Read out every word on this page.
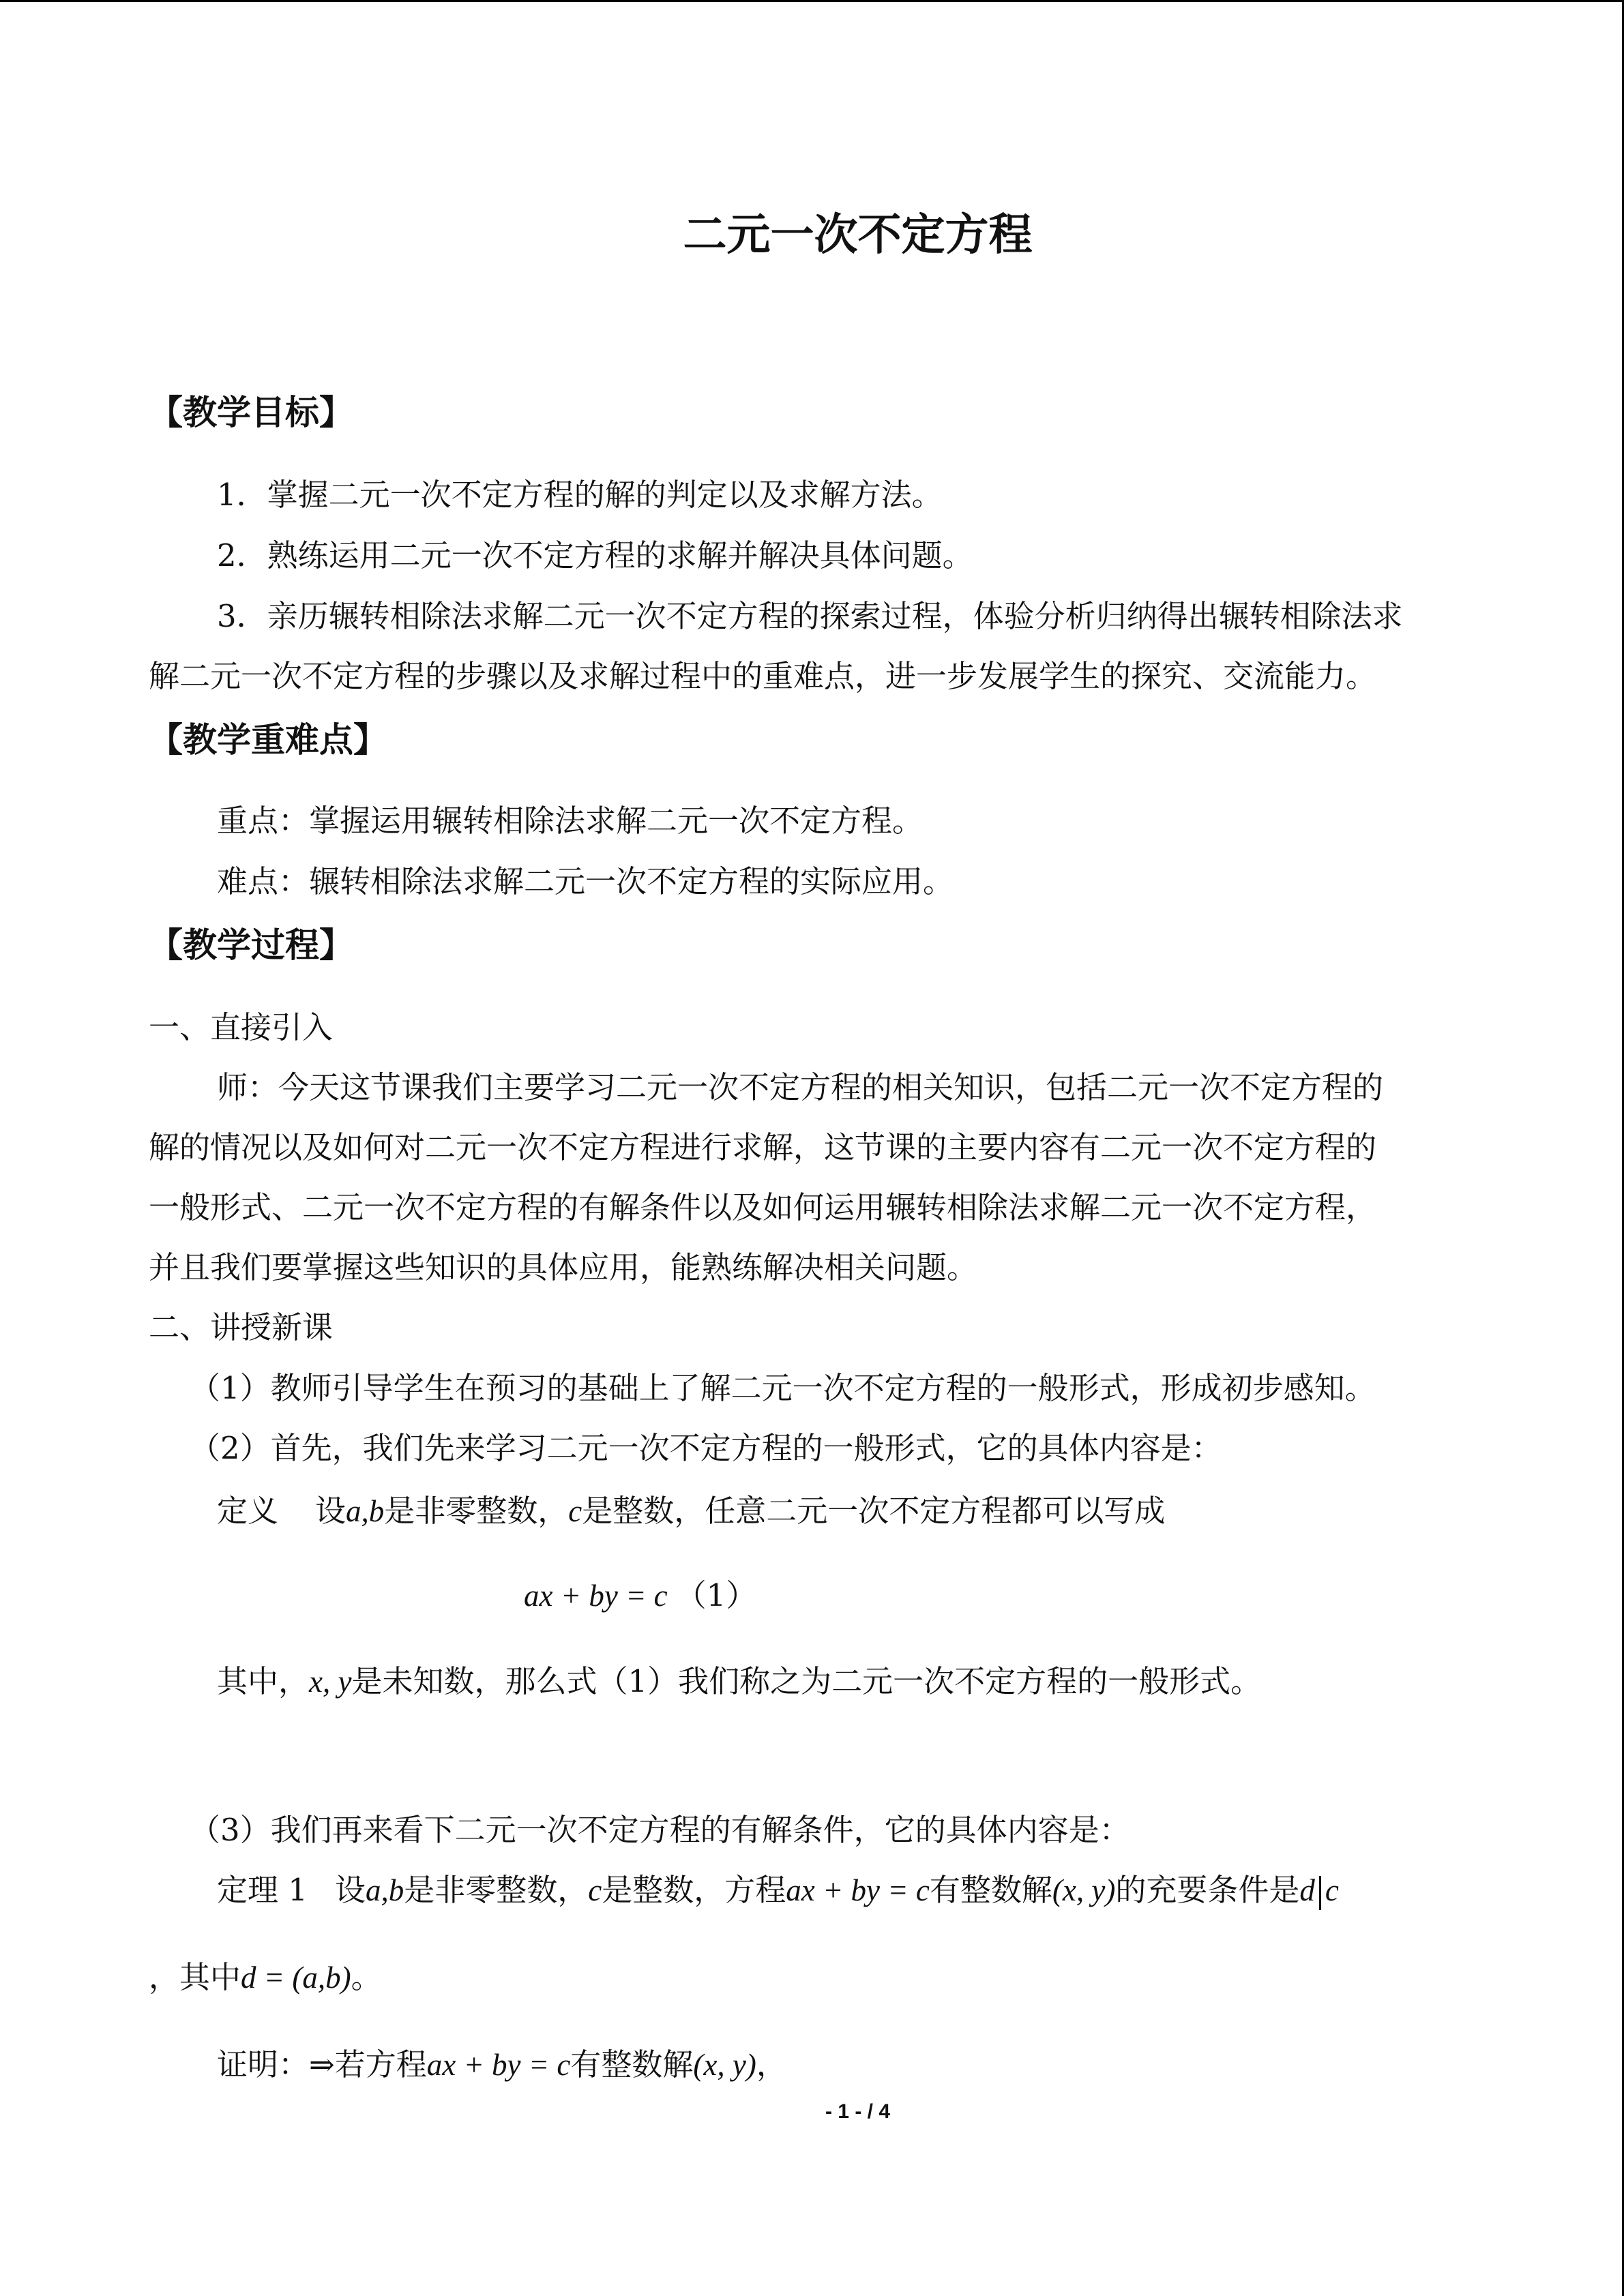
二元一次不定方程
【教学目标】
1．掌握二元一次不定方程的解的判定以及求解方法。
2．熟练运用二元一次不定方程的求解并解决具体问题。
3．亲历辗转相除法求解二元一次不定方程的探索过程，体验分析归纳得出辗转相除法求
解二元一次不定方程的步骤以及求解过程中的重难点，进一步发展学生的探究、交流能力。
【教学重难点】
重点：掌握运用辗转相除法求解二元一次不定方程。
难点：辗转相除法求解二元一次不定方程的实际应用。
【教学过程】
一、直接引入
师：今天这节课我们主要学习二元一次不定方程的相关知识，包括二元一次不定方程的
解的情况以及如何对二元一次不定方程进行求解，这节课的主要内容有二元一次不定方程的
一般形式、二元一次不定方程的有解条件以及如何运用辗转相除法求解二元一次不定方程，
并且我们要掌握这些知识的具体应用，能熟练解决相关问题。
二、讲授新课
（1）教师引导学生在预习的基础上了解二元一次不定方程的一般形式，形成初步感知。
（2）首先，我们先来学习二元一次不定方程的一般形式，它的具体内容是：
定义 设a,b是非零整数，c是整数，任意二元一次不定方程都可以写成
ax + by = c （1）
其中，x, y是未知数，那么式（1）我们称之为二元一次不定方程的一般形式。
（3）我们再来看下二元一次不定方程的有解条件，它的具体内容是：
定理 1 设a,b是非零整数，c是整数，方程ax + by = c有整数解(x, y)的充要条件是d c
，其中d = (a,b)。
证明：⇒若方程ax + by = c有整数解(x, y)，
- 1 - / 4
